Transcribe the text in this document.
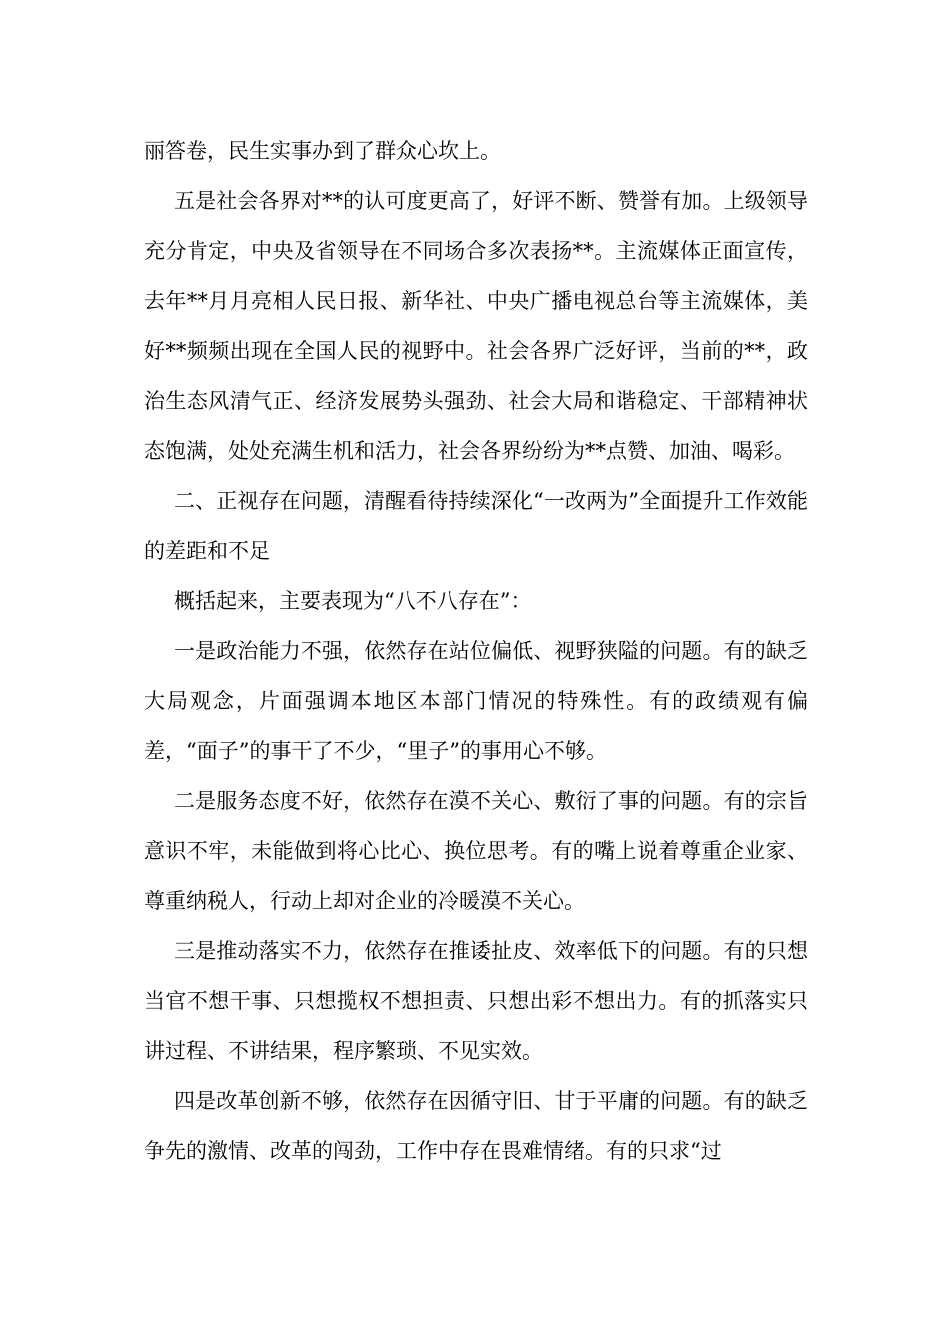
丽答卷，民生实事办到了群众心坎上。

五是社会各界对**的认可度更高了，好评不断、赞誉有加。上级领导充分肯定，中央及省领导在不同场合多次表扬**。主流媒体正面宣传，去年**月月亮相人民日报、新华社、中央广播电视总台等主流媒体，美好**频频出现在全国人民的视野中。社会各界广泛好评，当前的**，政治生态风清气正、经济发展势头强劲、社会大局和谐稳定、干部精神状态饱满，处处充满生机和活力，社会各界纷纷为**点赞、加油、喝彩。

二、正视存在问题，清醒看待持续深化“一改两为”全面提升工作效能的差距和不足

概括起来，主要表现为“八不八存在”：

一是政治能力不强，依然存在站位偏低、视野狭隘的问题。有的缺乏大局观念，片面强调本地区本部门情况的特殊性。有的政绩观有偏差，“面子”的事干了不少，“里子”的事用心不够。

二是服务态度不好，依然存在漠不关心、敷衍了事的问题。有的宗旨意识不牢，未能做到将心比心、换位思考。有的嘴上说着尊重企业家、尊重纳税人，行动上却对企业的冷暖漠不关心。

三是推动落实不力，依然存在推诿扯皮、效率低下的问题。有的只想当官不想干事、只想揽权不想担责、只想出彩不想出力。有的抓落实只讲过程、不讲结果，程序繁琐、不见实效。

四是改革创新不够，依然存在因循守旧、甘于平庸的问题。有的缺乏争先的激情、改革的闯劲，工作中存在畏难情绪。有的只求“过
